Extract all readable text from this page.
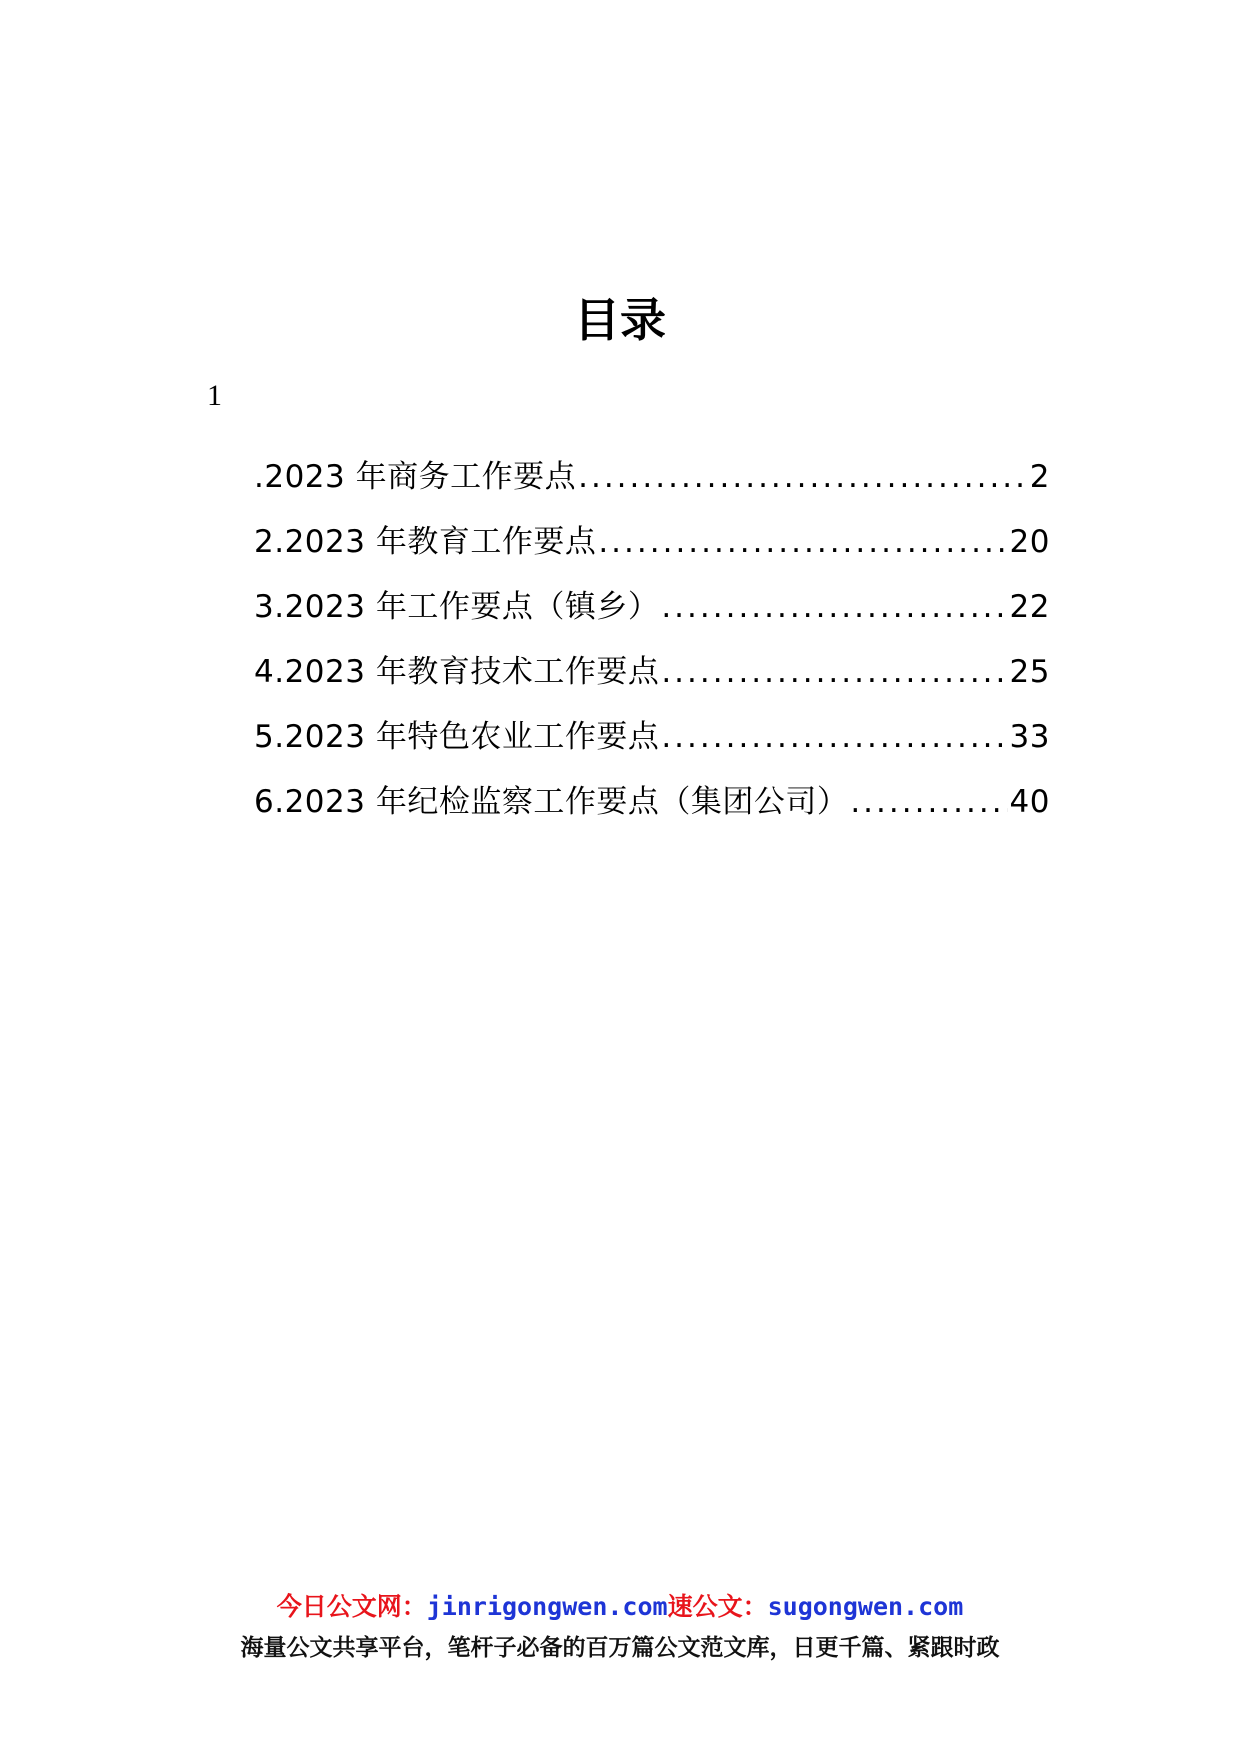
目录
1
.2023 年商务工作要点 .....	2
2.2023 年教育工作要点 .....	20
3.2023 年工作要点（镇乡） .....	22
4.2023 年教育技术工作要点 .....	25
5.2023 年特色农业工作要点 .....	33
6.2023 年纪检监察工作要点（集团公司） .....	40
今日公文网：jinrigongwen.com速公文：sugongwen.com
海量公文共享平台，笔杆子必备的百万篇公文范文库，日更千篇、紧跟时政
